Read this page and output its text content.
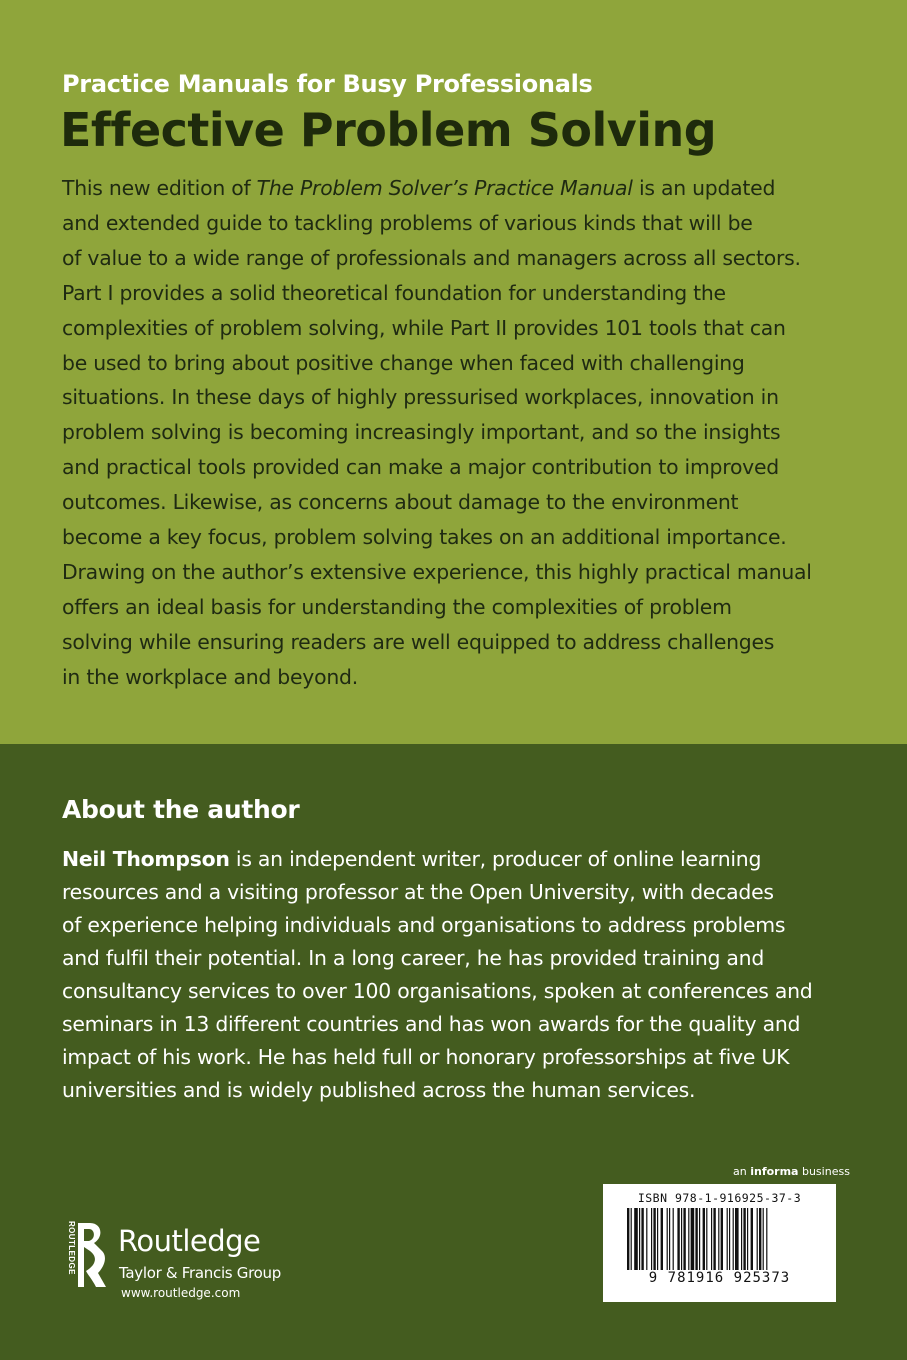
Practice Manuals for Busy Professionals
Effective Problem Solving
This new edition of The Problem Solver’s Practice Manual is an updated
and extended guide to tackling problems of various kinds that will be
of value to a wide range of professionals and managers across all sectors.
Part I provides a solid theoretical foundation for understanding the
complexities of problem solving, while Part II provides 101 tools that can
be used to bring about positive change when faced with challenging
situations. In these days of highly pressurised workplaces, innovation in
problem solving is becoming increasingly important, and so the insights
and practical tools provided can make a major contribution to improved
outcomes. Likewise, as concerns about damage to the environment
become a key focus, problem solving takes on an additional importance.
Drawing on the author’s extensive experience, this highly practical manual
offers an ideal basis for understanding the complexities of problem
solving while ensuring readers are well equipped to address challenges
in the workplace and beyond.
About the author
Neil Thompson is an independent writer, producer of online learning
resources and a visiting professor at the Open University, with decades
of experience helping individuals and organisations to address problems
and fulfil their potential. In a long career, he has provided training and
consultancy services to over 100 organisations, spoken at conferences and
seminars in 13 different countries and has won awards for the quality and
impact of his work. He has held full or honorary professorships at five UK
universities and is widely published across the human services.
an informa business
ISBN 978-1-916925-37-3
9 781916 925373
ROUTLEDGE Routledge
Taylor & Francis Group
www.routledge.com
